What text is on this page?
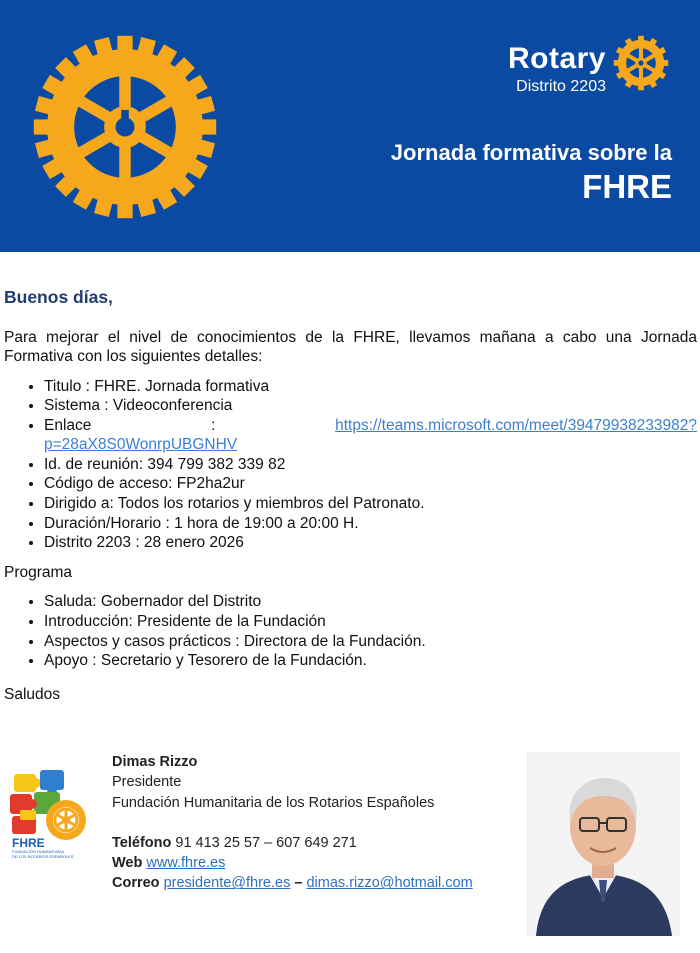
Rotary
Distrito 2203
Jornada formativa sobre la
FHRE
Buenos días,

Para mejorar el nivel de conocimientos de la FHRE, llevamos mañana a cabo una Jornada Formativa con los siguientes detalles:

• Titulo : FHRE. Jornada formativa
• Sistema : Videoconferencia
• Enlace	:	https://teams.microsoft.com/meet/39479938233982?
p=28aX8S0WonrpUBGNHV
• Id. de reunión: 394 799 382 339 82
• Código de acceso: FP2ha2ur
• Dirigido a: Todos los rotarios y miembros del Patronato.
• Duración/Horario : 1 hora de 19:00 a 20:00 H.
• Distrito 2203 : 28 enero 2026
Programa
• Saluda: Gobernador del Distrito
• Introducción: Presidente de la Fundación
• Aspectos y casos prácticos : Directora de la Fundación.
• Apoyo : Secretario y Tesorero de la Fundación.
Saludos
FHRE
FUNDACIÓN HUMANITARIA
DE LOS ROTARIOS ESPAÑOLES
Dimas Rizzo
Presidente
Fundación Humanitaria de los Rotarios Españoles
Teléfono 91 413 25 57 – 607 649 271
Web www.fhre.es
Correo presidente@fhre.es – dimas.rizzo@hotmail.com
